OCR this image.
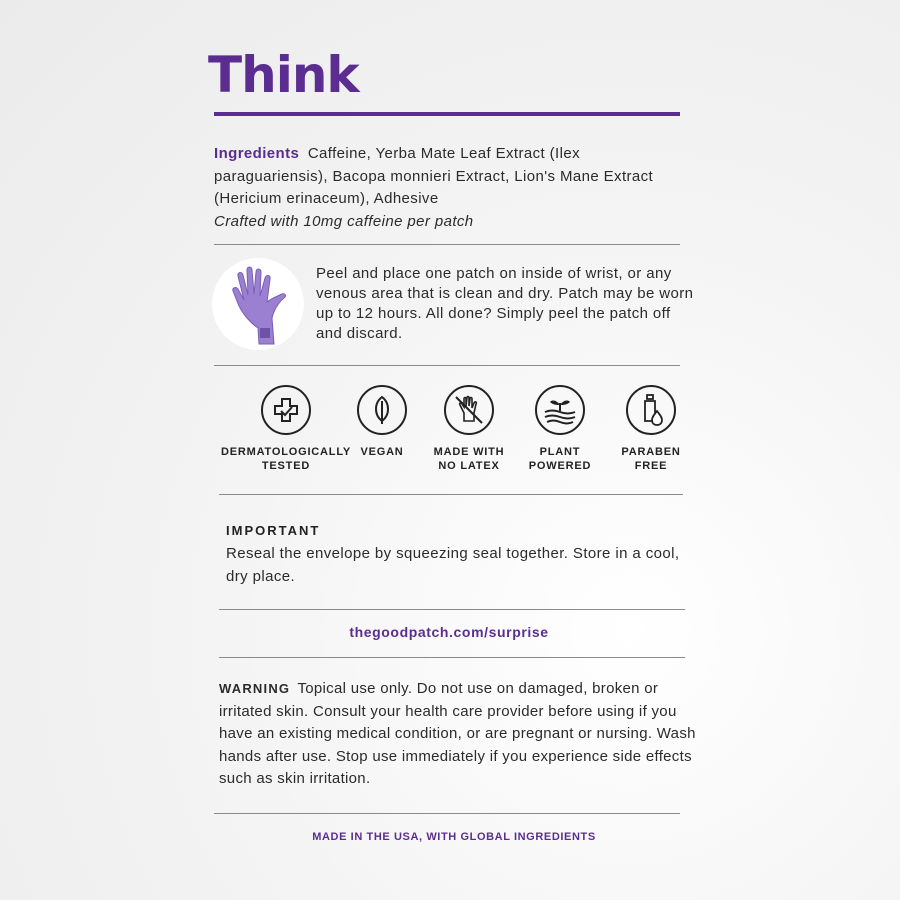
Think
Ingredients Caffeine, Yerba Mate Leaf Extract (Ilex paraguariensis), Bacopa monnieri Extract, Lion's Mane Extract (Hericium erinaceum), Adhesive
Crafted with 10mg caffeine per patch
Peel and place one patch on inside of wrist, or any venous area that is clean and dry. Patch may be worn up to 12 hours. All done? Simply peel the patch off and discard.
DERMATOLOGICALLY
TESTED
VEGAN	MADE WITH
NO LATEX
PLANT
POWERED
PARABEN
FREE
IMPORTANT
Reseal the envelope by squeezing seal together. Store in a cool, dry place.
thegoodpatch.com/surprise
WARNING Topical use only. Do not use on damaged, broken or irritated skin. Consult your health care provider before using if you have an existing medical condition, or are pregnant or nursing. Wash hands after use. Stop use immediately if you experience side effects such as skin irritation.
MADE IN THE USA, WITH GLOBAL INGREDIENTS
